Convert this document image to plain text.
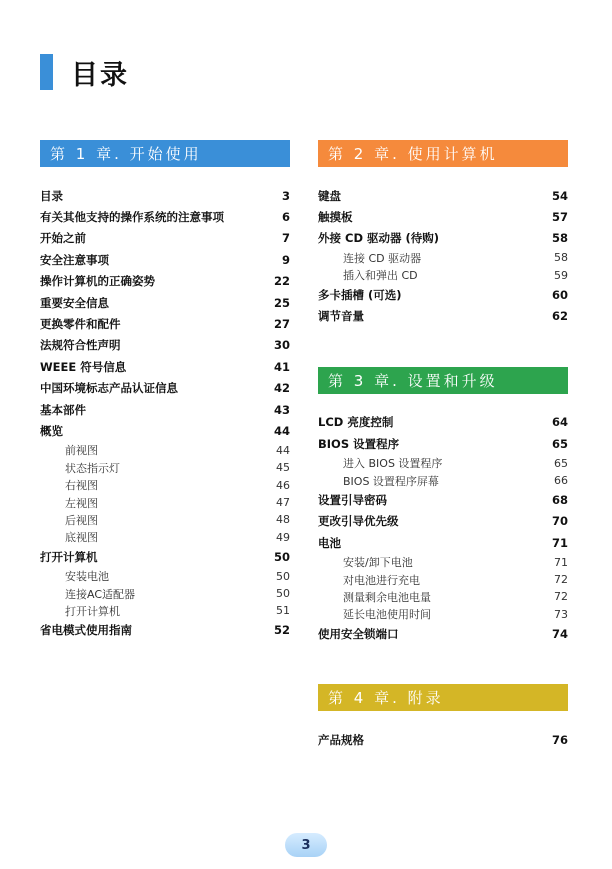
目录
第 1 章. 开始使用
目录	3
有关其他支持的操作系统的注意事项	6
开始之前	7
安全注意事项	9
操作计算机的正确姿势	22
重要安全信息	25
更换零件和配件	27
法规符合性声明	30
WEEE 符号信息	41
中国环境标志产品认证信息	42
基本部件	43
概览	44
前视图	44
状态指示灯	45
右视图	46
左视图	47
后视图	48
底视图	49
打开计算机	50
安装电池	50
连接AC适配器	50
打开计算机	51
省电模式使用指南	52
第 2 章. 使用计算机
键盘	54
触摸板	57
外接 CD 驱动器 (待购)	58
连接 CD 驱动器	58
插入和弹出 CD	59
多卡插槽 (可选)	60
调节音量	62
第 3 章. 设置和升级
LCD 亮度控制	64
BIOS 设置程序	65
进入 BIOS 设置程序	65
BIOS 设置程序屏幕	66
设置引导密码	68
更改引导优先级	70
电池	71
安装/卸下电池	71
对电池进行充电	72
测量剩余电池电量	72
延长电池使用时间	73
使用安全锁端口	74
第 4 章. 附录
产品规格	76
3
